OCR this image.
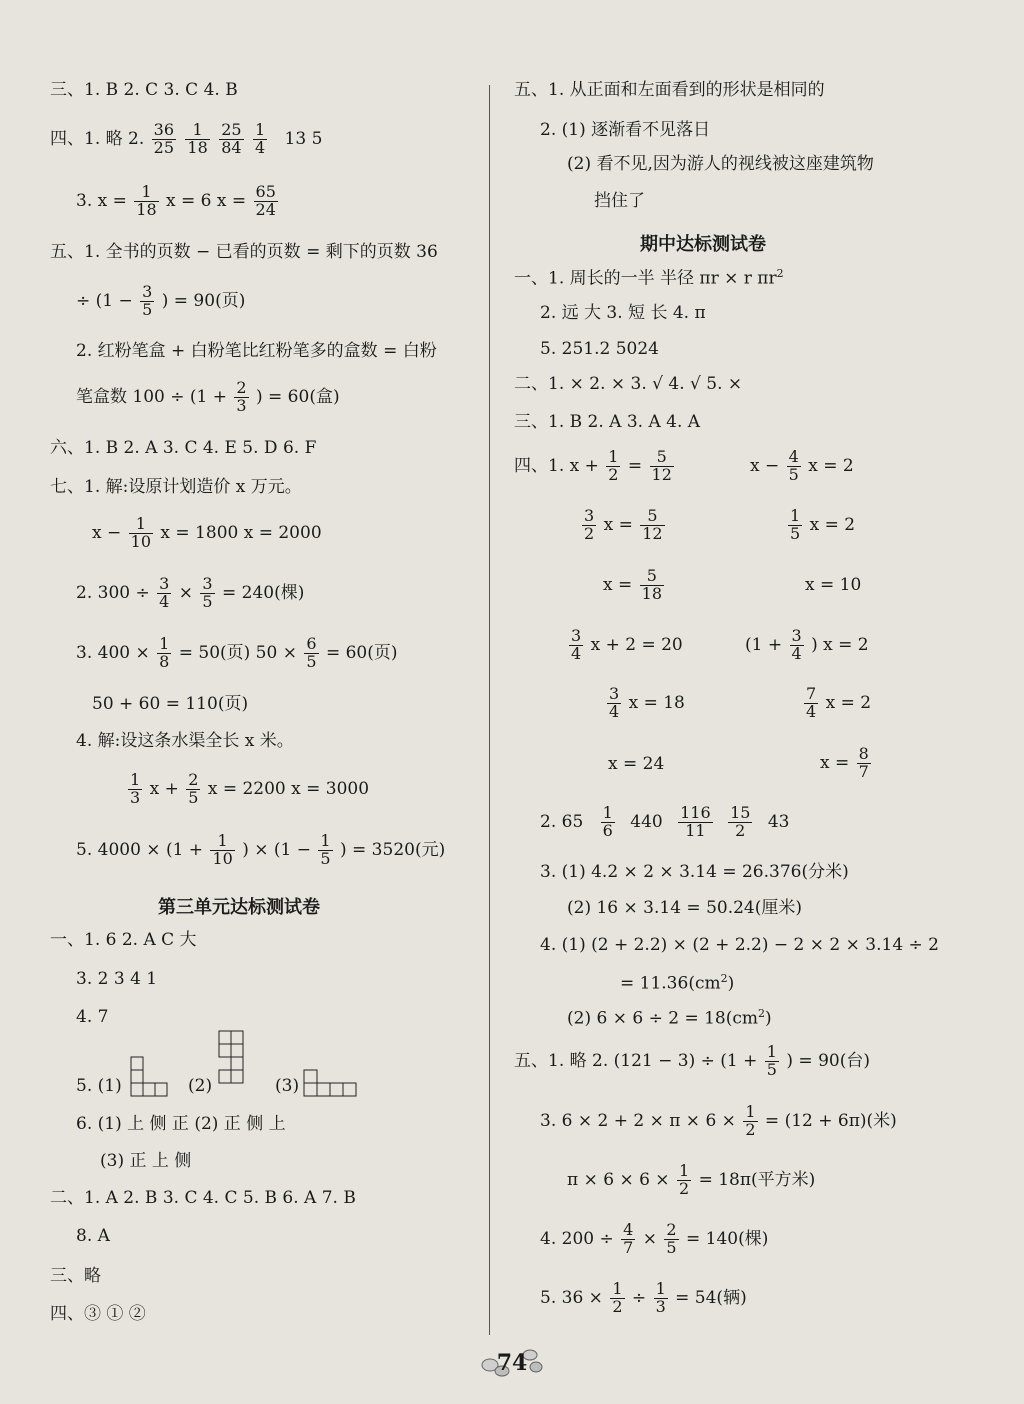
三、1. B 2. C 3. C 4. B
四、1. 略 2. $\frac{36}{25}$
$\frac{1}{18}$
$\frac{25}{84}$
$\frac{1}{4} 13$ 5
3. $x = \frac{1}{18}$ x = 6 $x = \frac{65}{24}$
五、1. 全书的页数 − 已看的页数 = 剩下的页数 36
÷ ($1 - \frac{3}{5}$ ) = 90(页)
2. 红粉笔盒 + 白粉笔比红粉笔多的盒数 = 白粉
笔盒数 $100 \div (1 + \frac{2}{3}$ ) = 60(盒)
六、1. B 2. A 3. C 4. E 5. D 6. F
七、1. 解:设原计划造价 x 万元。
$x - \frac{1}{10}$ x = 1800 x = 2000
2. $300 \div \frac{3}{4} \times \frac{3}{5} = 240$(棵)
3. $400 \times \frac{1}{8} = 50$(页) $50 \times \frac{6}{5} = 60$(页)
50 + 60 = 110(页)
4. 解:设这条水渠全长 x 米。
$\frac{1}{3}$ $x + \frac{2}{5}$ x = 2200 x = 3000
5. $4000 \times (1 + \frac{1}{10}$ ) × ($1 - \frac{1}{5}$ ) = 3520(元)
第三单元达标测试卷
一、1. 6 2. A C 大
3. 2 3 4 1
4. 7
5. (1)	(2)	(3)
6. (1) 上 侧 正 (2) 正 侧 上
(3) 正 上 侧
二、1. A 2. B 3. C 4. C 5. B 6. A 7. B
8. A
三、略
四、③ ① ②
五、1. 从正面和左面看到的形状是相同的
2. (1) 逐渐看不见落日
(2) 看不见,因为游人的视线被这座建筑物
挡住了
期中达标测试卷
一、1. 周长的一半 半径 πr × r $\pi r^2$
2. 远 大 3. 短 长 4. π
5. 251.2 5024
二、1. × 2. × 3. √ 4. √ 5. ×
三、1. B 2. A 3. A 4. A
四、1. $x + \frac{1}{2} = \frac{5}{12}$	$x - \frac{4}{5}$ x = 2
$\frac{3}{2}$ $x = \frac{5}{12}$	$\frac{1}{5}$ x = 2
$x = \frac{5}{18}$	x = 10
$\frac{3}{4}$ x + 2 = 20	($1 + \frac{3}{4}$ ) x = 2
$\frac{3}{4}$ x = 18	$\frac{7}{4}$ x = 2
x = 24	$x = \frac{8}{7}$
2. $65 \frac{1}{6} 440 \frac{116}{11}$
$\frac{15}{2} 43$
3. (1) 4.2 × 2 × 3.14 = 26.376(分米)
(2) 16 × 3.14 = 50.24(厘米)
4. (1) (2 + 2.2) × (2 + 2.2) − 2 × 2 × 3.14 ÷ 2
= $11.36(cm^2)$
(2) $6 \times 6 \div 2 = 18(cm^2)$
五、1. 略 2. $(121 - 3) \div (1 + \frac{1}{5}$ ) = 90(台)
3. $6 \times 2 + 2 \times \pi \times 6 \times \frac{1}{2} = (12 + 6\pi)$(米)
$\pi \times 6 \times 6 \times \frac{1}{2} = 18\pi$(平方米)
4. $200 \div \frac{4}{7} \times \frac{2}{5} = 140$(棵)
5. $36 \times \frac{1}{2} \div \frac{1}{3} = 54$(辆)
74
